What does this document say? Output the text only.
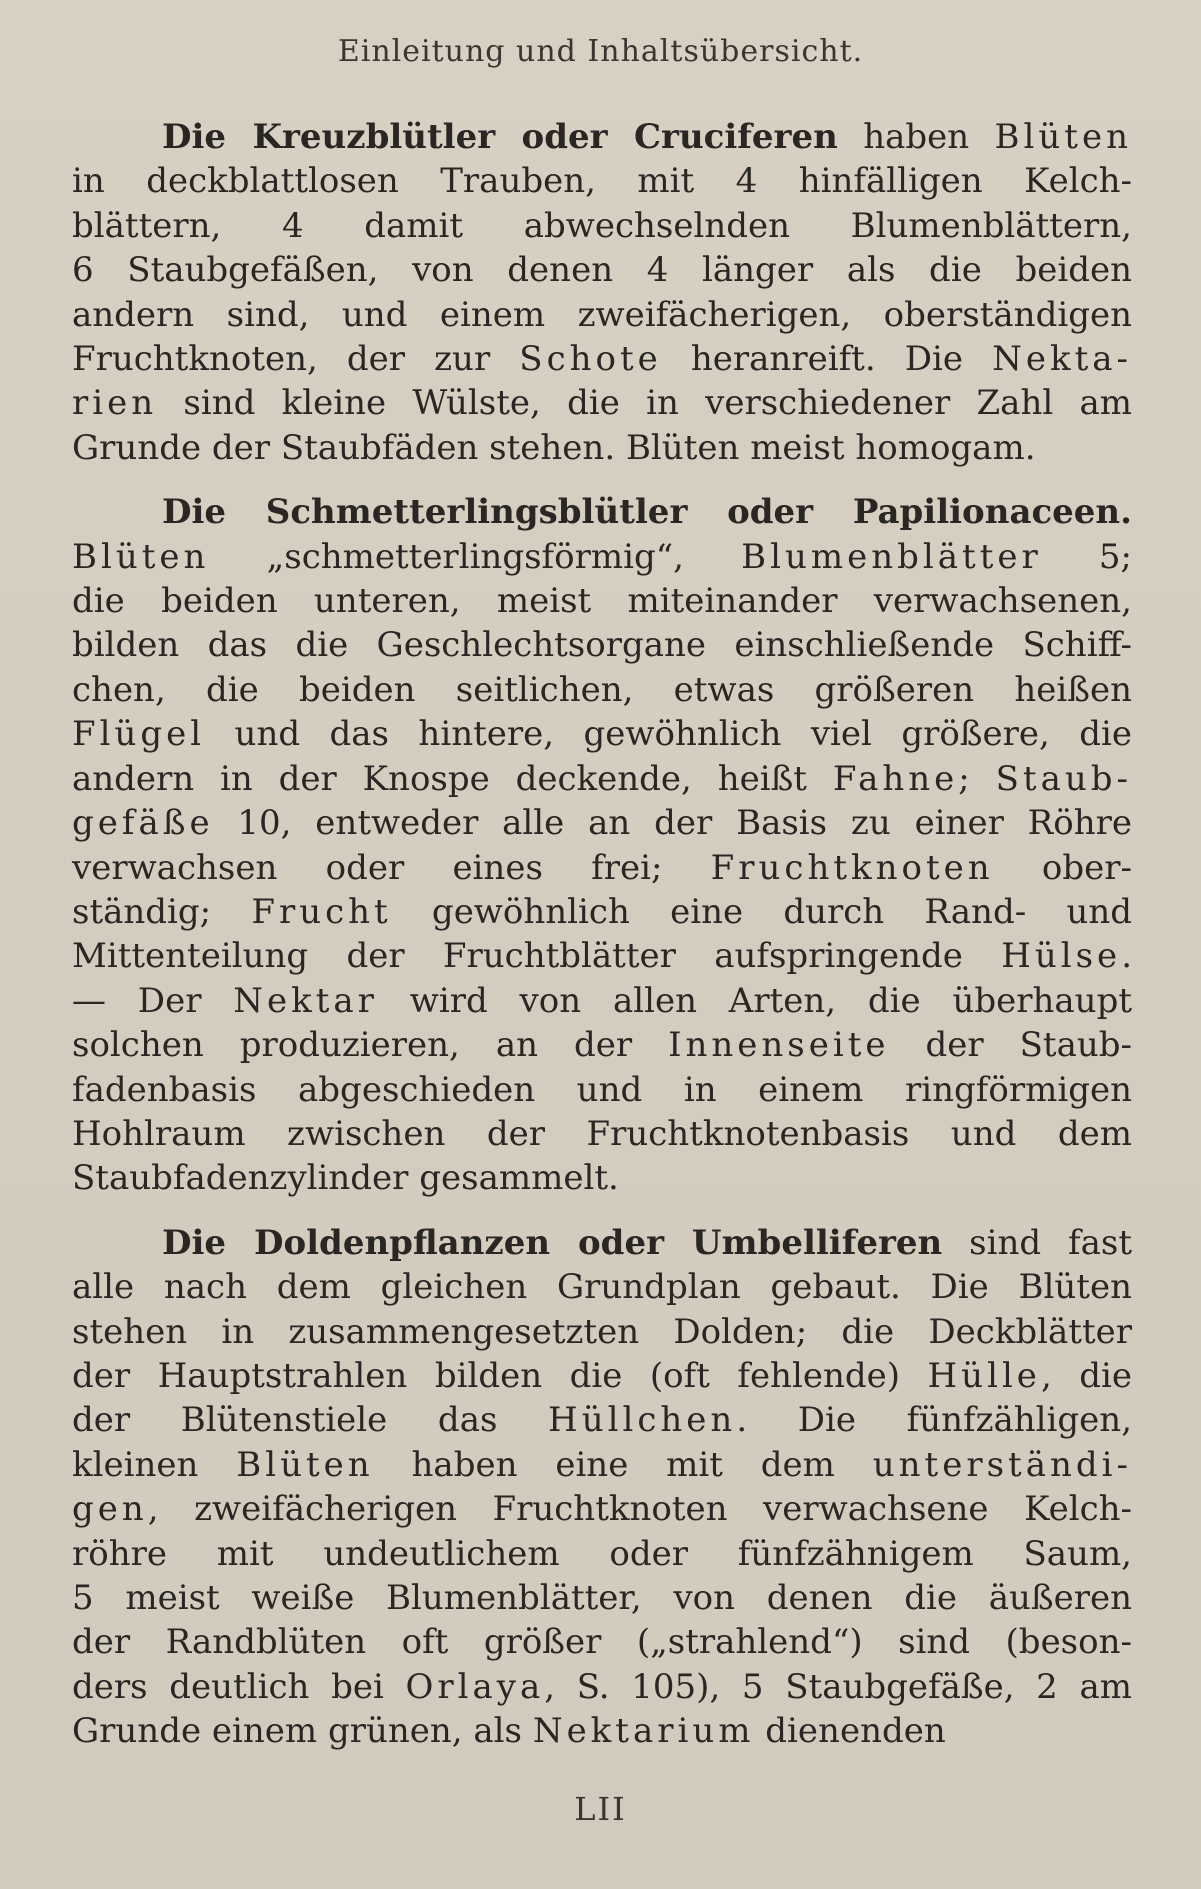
Einleitung und Inhaltsübersicht.
Die Kreuzblütler oder Cruciferen haben Blüten
in deckblattlosen Trauben, mit 4 hinfälligen Kelch-
blättern, 4 damit abwechselnden Blumenblättern,
6 Staubgefäßen, von denen 4 länger als die beiden
andern sind, und einem zweifächerigen, oberständigen
Fruchtknoten, der zur Schote heranreift. Die Nekta-
rien sind kleine Wülste, die in verschiedener Zahl am
Grunde der Staubfäden stehen. Blüten meist homogam.
Die Schmetterlingsblütler oder Papilionaceen.
Blüten „schmetterlingsförmig“, Blumenblätter 5;
die beiden unteren, meist miteinander verwachsenen,
bilden das die Geschlechtsorgane einschließende Schiff-
chen, die beiden seitlichen, etwas größeren heißen
Flügel und das hintere, gewöhnlich viel größere, die
andern in der Knospe deckende, heißt Fahne; Staub-
gefäße 10, entweder alle an der Basis zu einer Röhre
verwachsen oder eines frei; Fruchtknoten ober-
ständig; Frucht gewöhnlich eine durch Rand- und
Mittenteilung der Fruchtblätter aufspringende Hülse.
— Der Nektar wird von allen Arten, die überhaupt
solchen produzieren, an der Innenseite der Staub-
fadenbasis abgeschieden und in einem ringförmigen
Hohlraum zwischen der Fruchtknotenbasis und dem
Staubfadenzylinder gesammelt.
Die Doldenpflanzen oder Umbelliferen sind fast
alle nach dem gleichen Grundplan gebaut. Die Blüten
stehen in zusammengesetzten Dolden; die Deckblätter
der Hauptstrahlen bilden die (oft fehlende) Hülle, die
der Blütenstiele das Hüllchen. Die fünfzähligen,
kleinen Blüten haben eine mit dem unterständi-
gen, zweifächerigen Fruchtknoten verwachsene Kelch-
röhre mit undeutlichem oder fünfzähnigem Saum,
5 meist weiße Blumenblätter, von denen die äußeren
der Randblüten oft größer („strahlend“) sind (beson-
ders deutlich bei Orlaya, S. 105), 5 Staubgefäße, 2 am
Grunde einem grünen, als Nektarium dienenden
LII
